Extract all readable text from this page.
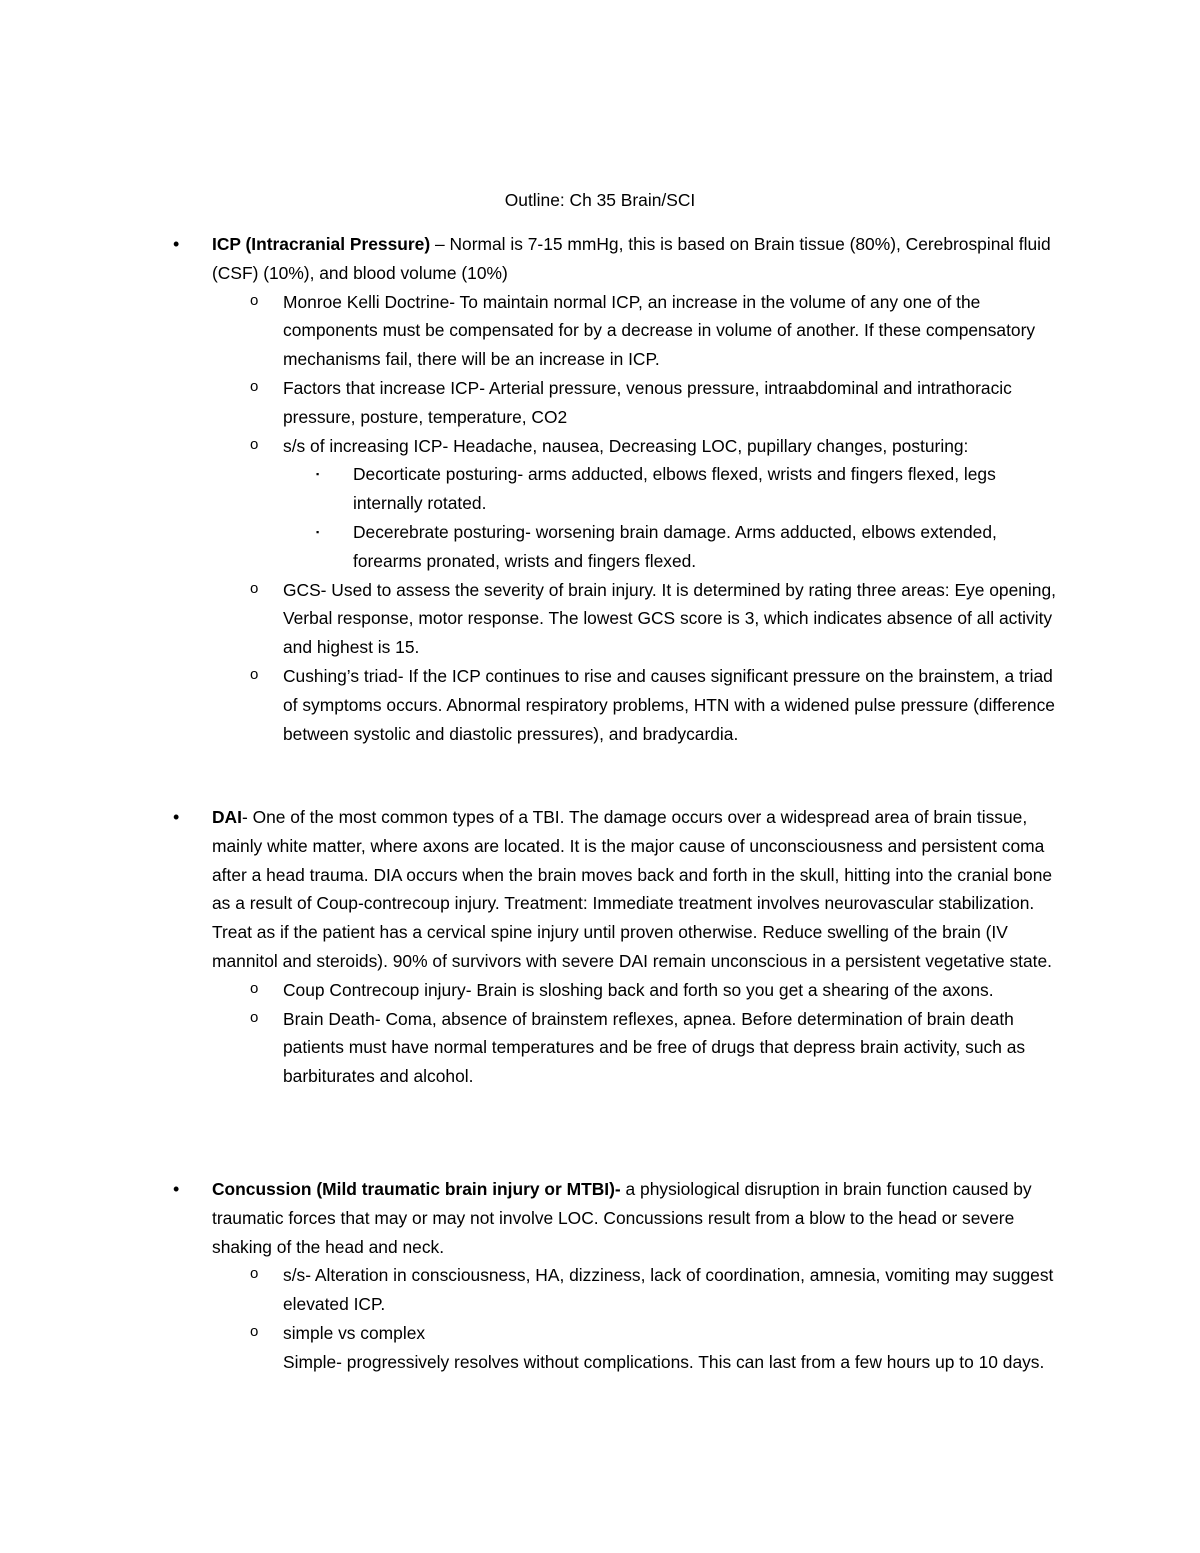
Outline: Ch 35 Brain/SCI
• ICP (Intracranial Pressure) – Normal is 7-15 mmHg, this is based on Brain tissue (80%), Cerebrospinal fluid (CSF) (10%), and blood volume (10%)
o Monroe Kelli Doctrine- To maintain normal ICP, an increase in the volume of any one of the components must be compensated for by a decrease in volume of another. If these compensatory mechanisms fail, there will be an increase in ICP.
o Factors that increase ICP- Arterial pressure, venous pressure, intraabdominal and intrathoracic pressure, posture, temperature, CO2
o s/s of increasing ICP- Headache, nausea, Decreasing LOC, pupillary changes, posturing:
▪ Decorticate posturing- arms adducted, elbows flexed, wrists and fingers flexed, legs internally rotated.
▪ Decerebrate posturing- worsening brain damage. Arms adducted, elbows extended, forearms pronated, wrists and fingers flexed.
o GCS- Used to assess the severity of brain injury. It is determined by rating three areas: Eye opening, Verbal response, motor response. The lowest GCS score is 3, which indicates absence of all activity and highest is 15.
o Cushing’s triad- If the ICP continues to rise and causes significant pressure on the brainstem, a triad of symptoms occurs. Abnormal respiratory problems, HTN with a widened pulse pressure (difference between systolic and diastolic pressures), and bradycardia.
• DAI- One of the most common types of a TBI. The damage occurs over a widespread area of brain tissue, mainly white matter, where axons are located. It is the major cause of unconsciousness and persistent coma after a head trauma. DIA occurs when the brain moves back and forth in the skull, hitting into the cranial bone as a result of Coup-contrecoup injury. Treatment: Immediate treatment involves neurovascular stabilization. Treat as if the patient has a cervical spine injury until proven otherwise. Reduce swelling of the brain (IV mannitol and steroids). 90% of survivors with severe DAI remain unconscious in a persistent vegetative state.
o Coup Contrecoup injury- Brain is sloshing back and forth so you get a shearing of the axons.
o Brain Death- Coma, absence of brainstem reflexes, apnea. Before determination of brain death patients must have normal temperatures and be free of drugs that depress brain activity, such as barbiturates and alcohol.
• Concussion (Mild traumatic brain injury or MTBI)- a physiological disruption in brain function caused by traumatic forces that may or may not involve LOC. Concussions result from a blow to the head or severe shaking of the head and neck.
o s/s- Alteration in consciousness, HA, dizziness, lack of coordination, amnesia, vomiting may suggest elevated ICP.
o simple vs complex
Simple- progressively resolves without complications. This can last from a few hours up to 10 days.
